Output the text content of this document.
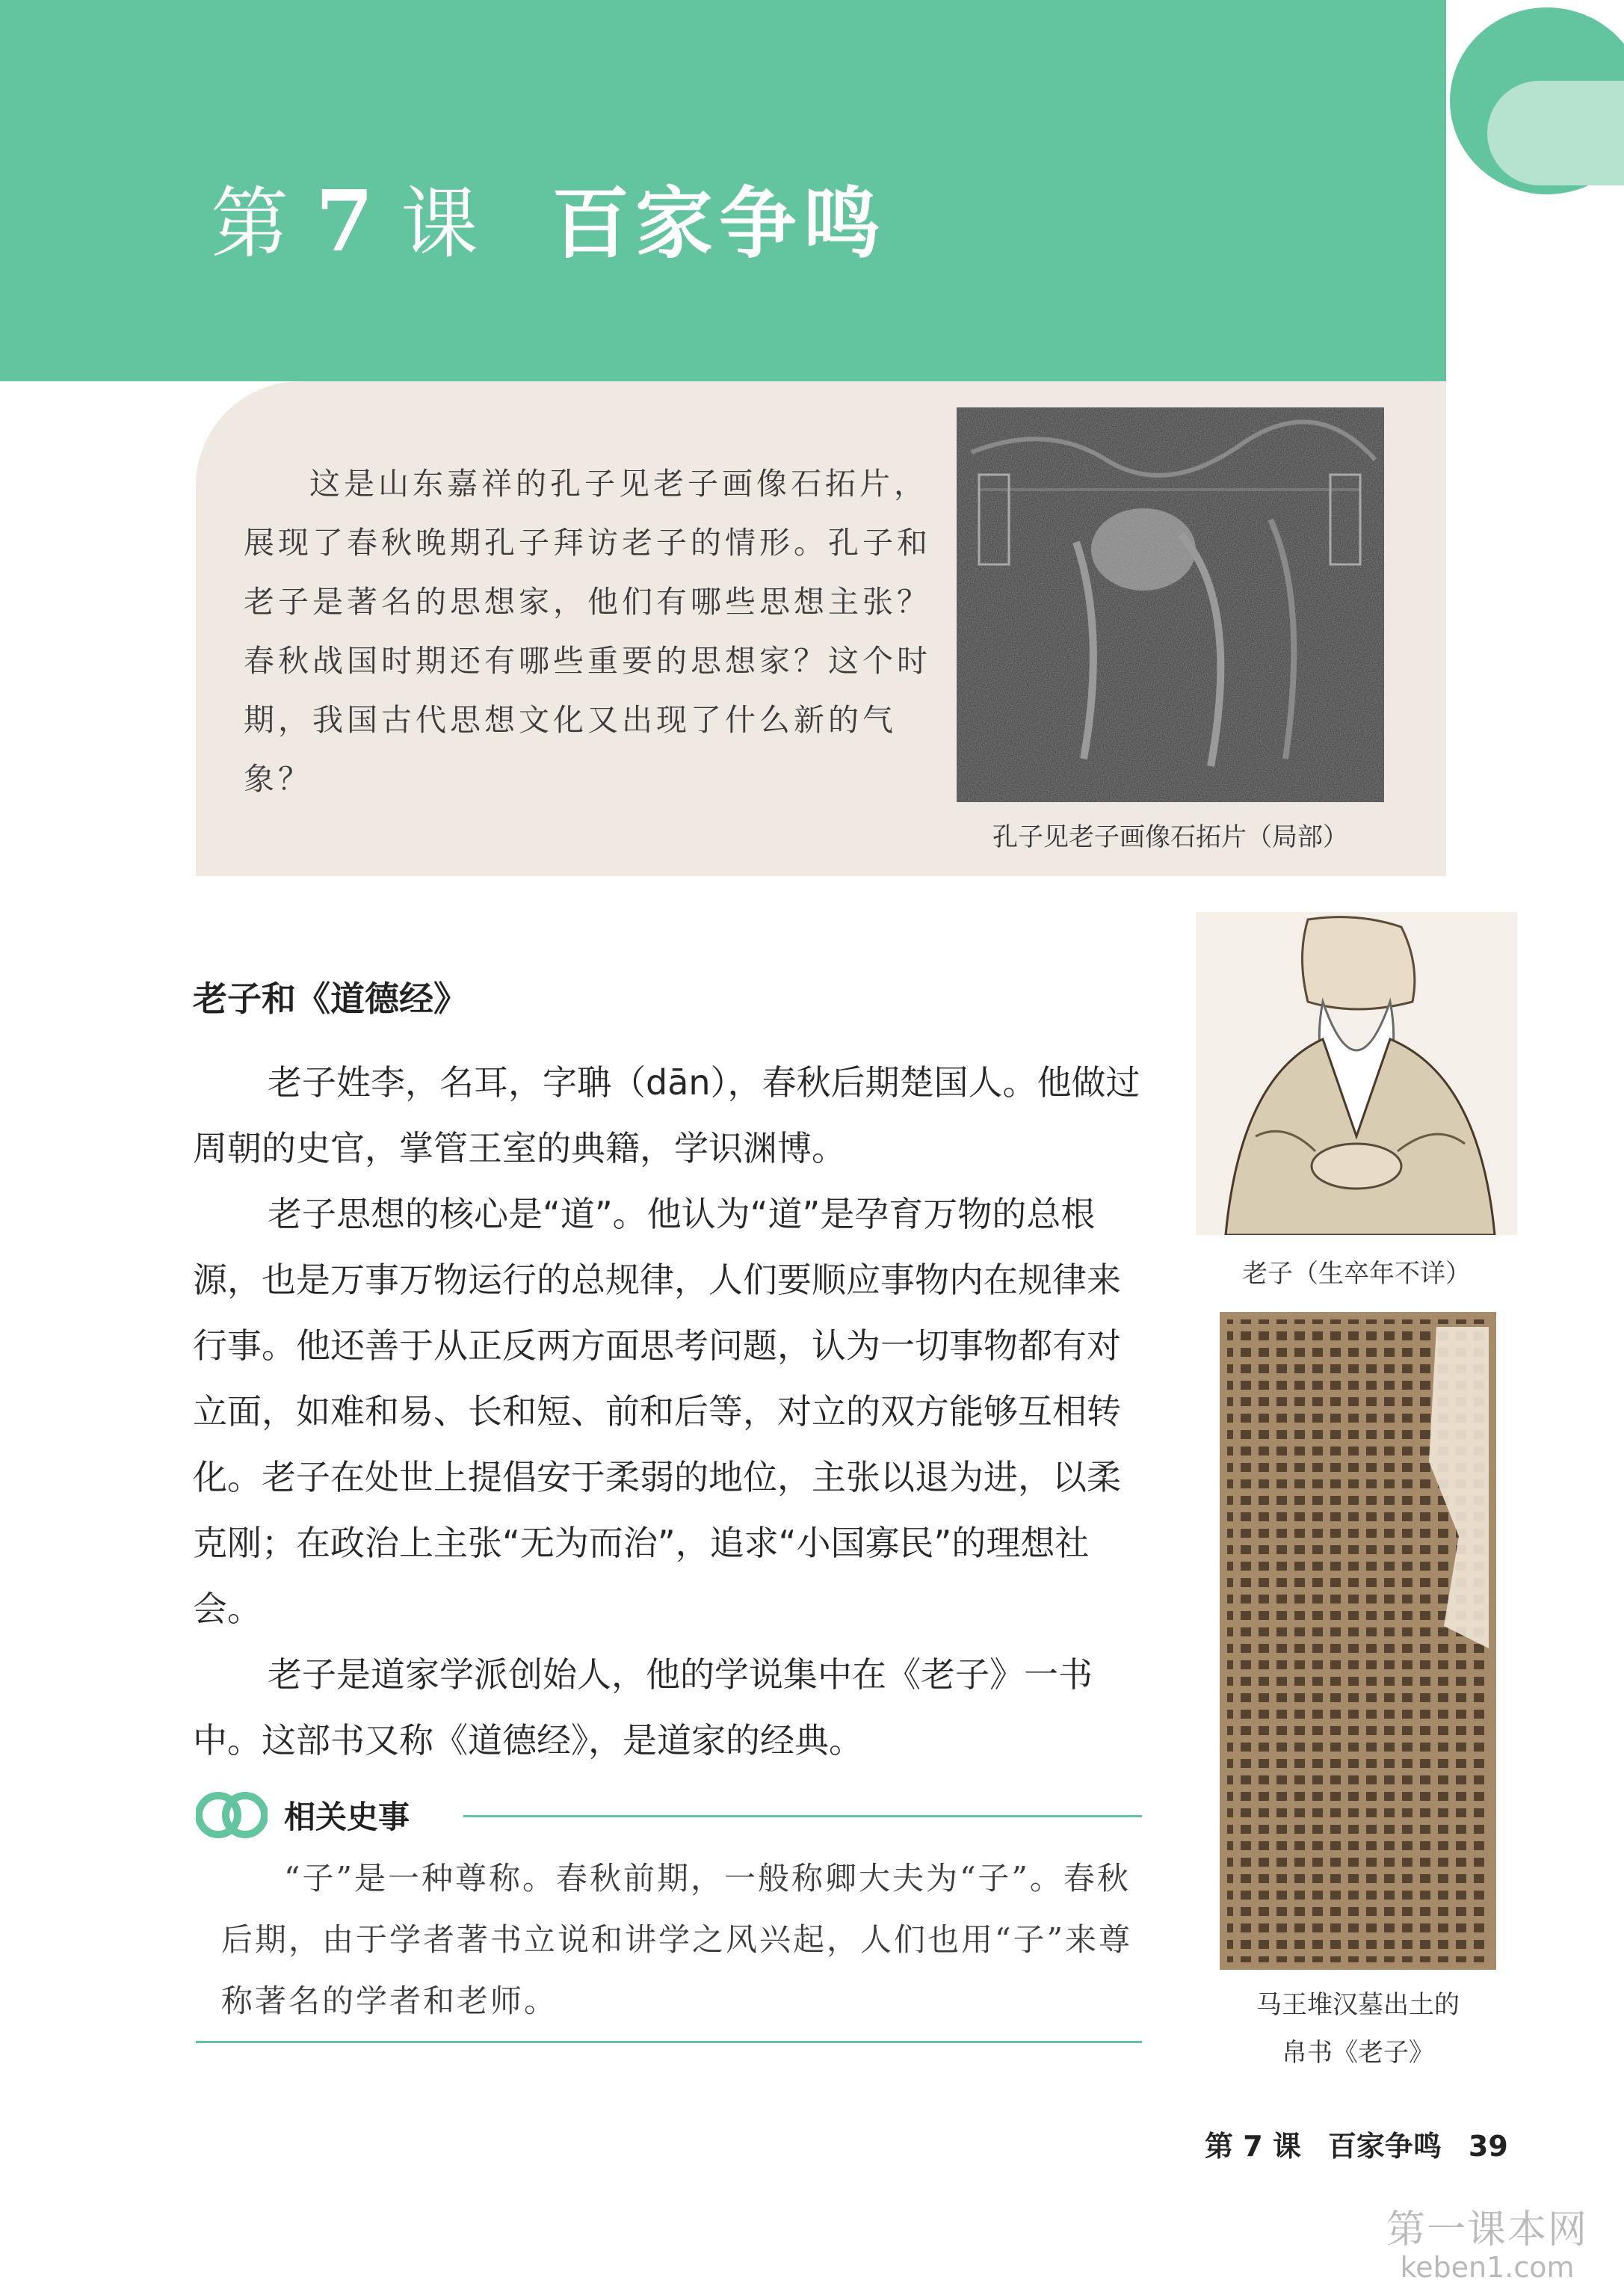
第 7 课 百家争鸣

这是山东嘉祥的孔子见老子画像石拓片，展现了春秋晚期孔子拜访老子的情形。孔子和老子是著名的思想家，他们有哪些思想主张？春秋战国时期还有哪些重要的思想家？这个时期，我国古代思想文化又出现了什么新的气象？

孔子见老子画像石拓片（局部）
老子和《道德经》

老子姓李，名耳，字聃（dān），春秋后期楚国人。他做过周朝的史官，掌管王室的典籍，学识渊博。

老子思想的核心是“道”。他认为“道”是孕育万物的总根源，也是万事万物运行的总规律，人们要顺应事物内在规律来行事。他还善于从正反两方面思考问题，认为一切事物都有对立面，如难和易、长和短、前和后等，对立的双方能够互相转化。老子在处世上提倡安于柔弱的地位，主张以退为进，以柔克刚；在政治上主张“无为而治”，追求“小国寡民”的理想社会。

老子是道家学派创始人，他的学说集中在《老子》一书中。这部书又称《道德经》，是道家的经典。

相关史事

“子”是一种尊称。春秋前期，一般称卿大夫为“子”。春秋后期，由于学者著书立说和讲学之风兴起，人们也用“子”来尊称著名的学者和老师。

老子（生卒年不详）
马王堆汉墓出土的
帛书《老子》
第 7 课 百家争鸣 39
第一课本网
keben1.com
